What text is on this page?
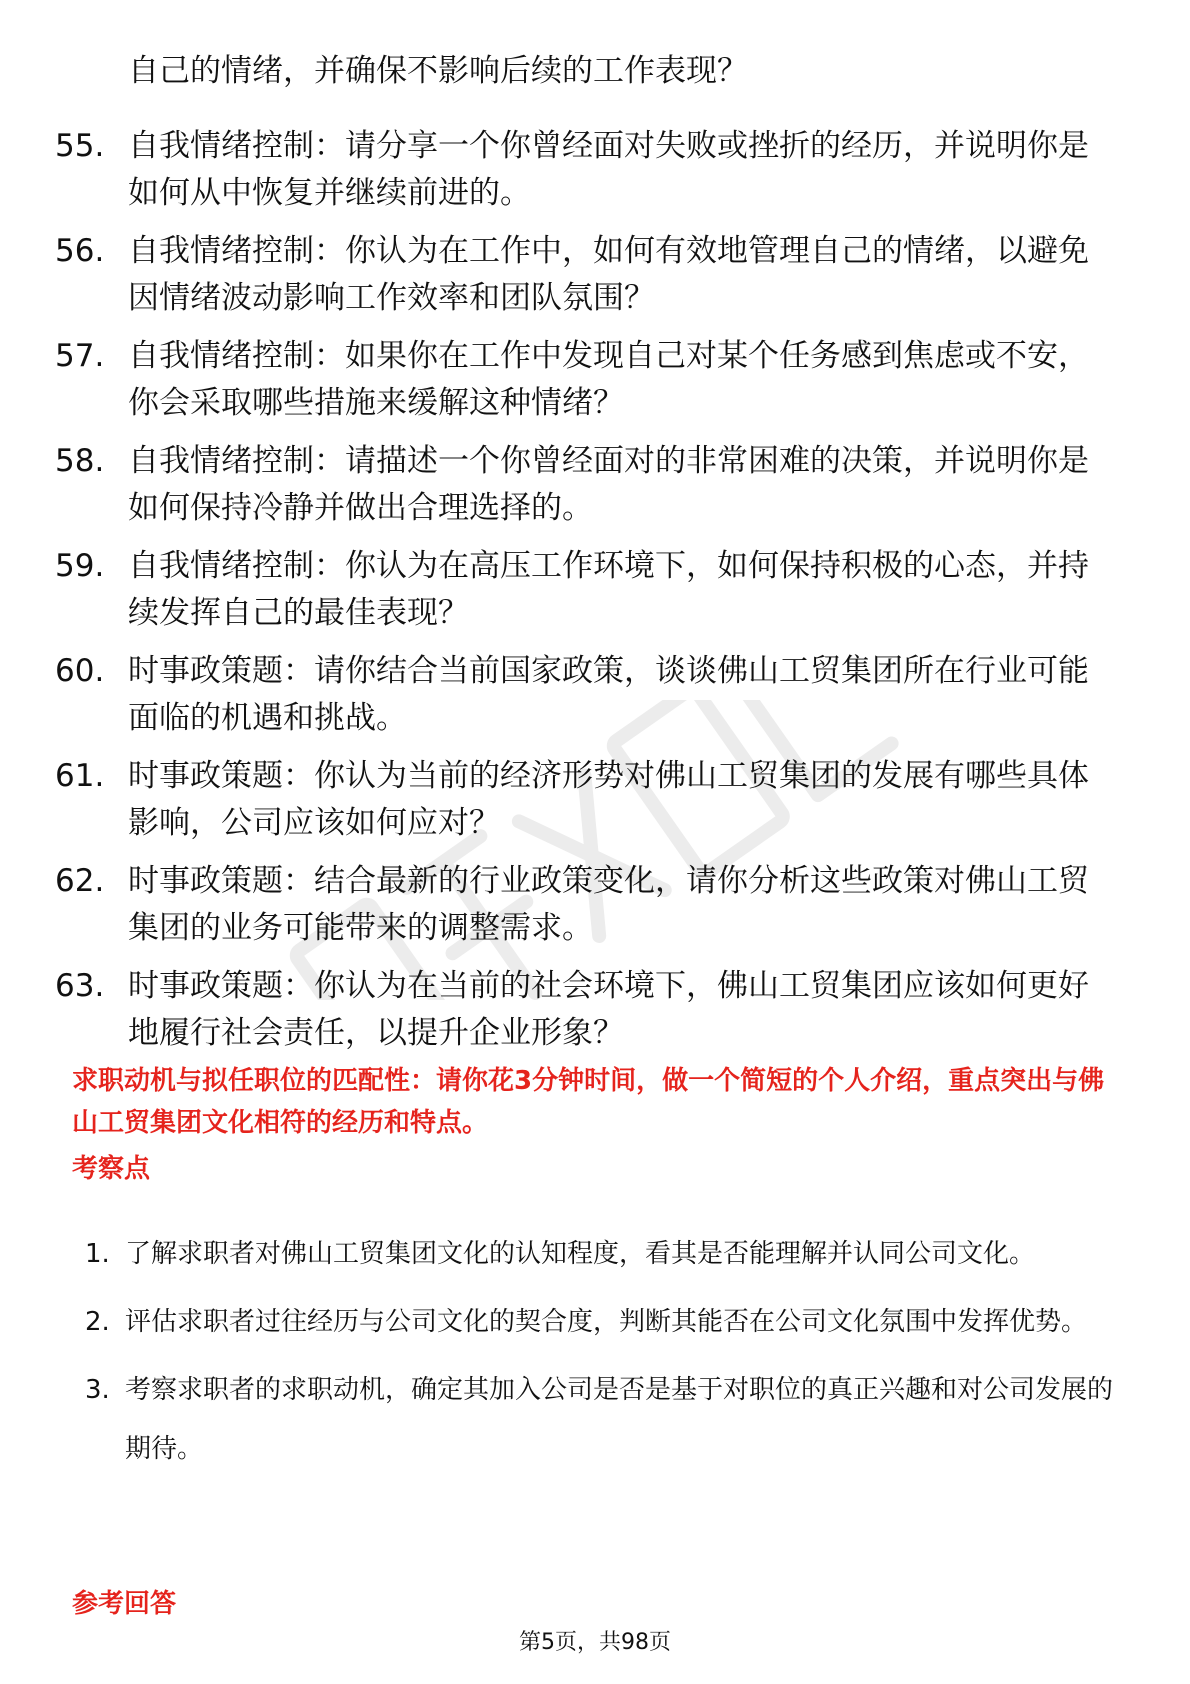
自己的情绪，并确保不影响后续的工作表现？
55. 自我情绪控制：请分享一个你曾经面对失败或挫折的经历，并说明你是如何从中恢复并继续前进的。
56. 自我情绪控制：你认为在工作中，如何有效地管理自己的情绪，以避免因情绪波动影响工作效率和团队氛围？
57. 自我情绪控制：如果你在工作中发现自己对某个任务感到焦虑或不安，你会采取哪些措施来缓解这种情绪？
58. 自我情绪控制：请描述一个你曾经面对的非常困难的决策，并说明你是如何保持冷静并做出合理选择的。
59. 自我情绪控制：你认为在高压工作环境下，如何保持积极的心态，并持续发挥自己的最佳表现？
60. 时事政策题：请你结合当前国家政策，谈谈佛山工贸集团所在行业可能面临的机遇和挑战。
61. 时事政策题：你认为当前的经济形势对佛山工贸集团的发展有哪些具体影响，公司应该如何应对？
62. 时事政策题：结合最新的行业政策变化，请你分析这些政策对佛山工贸集团的业务可能带来的调整需求。
63. 时事政策题：你认为在当前的社会环境下，佛山工贸集团应该如何更好地履行社会责任，以提升企业形象？
求职动机与拟任职位的匹配性：请你花3分钟时间，做一个简短的个人介绍，重点突出与佛山工贸集团文化相符的经历和特点。
考察点
1. 了解求职者对佛山工贸集团文化的认知程度，看其是否能理解并认同公司文化。
2. 评估求职者过往经历与公司文化的契合度，判断其能否在公司文化氛围中发挥优势。
3. 考察求职者的求职动机，确定其加入公司是否是基于对职位的真正兴趣和对公司发展的期待。
参考回答
第5页，共98页
